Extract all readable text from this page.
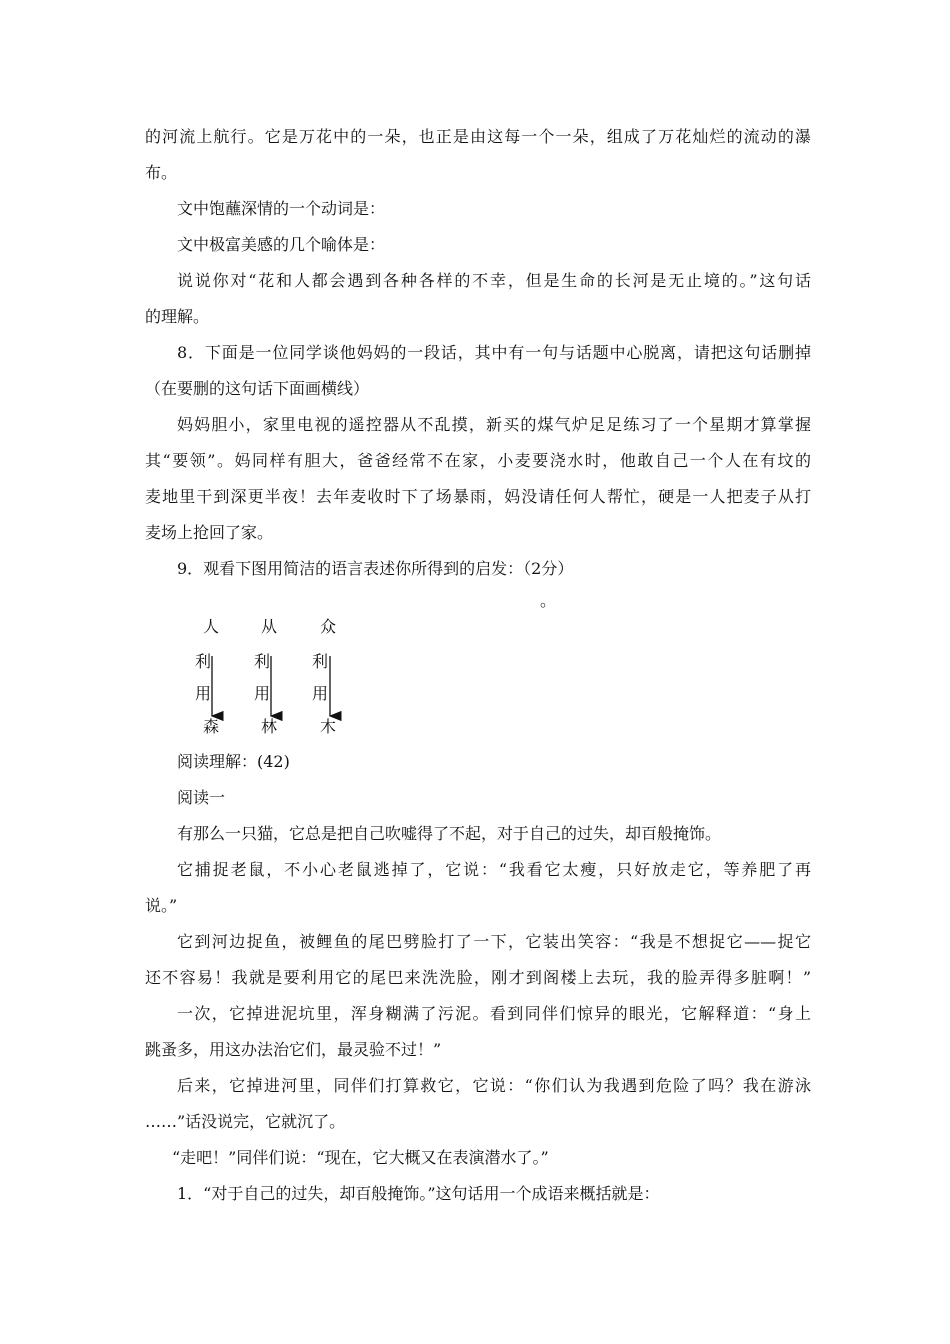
的河流上航行。它是万花中的一朵，也正是由这每一个一朵，组成了万花灿烂的流动的瀑
布。
文中饱蘸深情的一个动词是：
文中极富美感的几个喻体是：
说说你对“花和人都会遇到各种各样的不幸，但是生命的长河是无止境的。”这句话
的理解。
8．下面是一位同学谈他妈妈的一段话，其中有一句与话题中心脱离，请把这句话删掉
（在要删的这句话下面画横线）
妈妈胆小，家里电视的遥控器从不乱摸，新买的煤气炉足足练习了一个星期才算掌握
其“要领”。妈同样有胆大，爸爸经常不在家，小麦要浇水时，他敢自己一个人在有坟的
麦地里干到深更半夜！去年麦收时下了场暴雨，妈没请任何人帮忙，硬是一人把麦子从打
麦场上抢回了家。
9．观看下图用简洁的语言表述你所得到的启发：（2分）
。
人	从	众
利	利	利
用	用	用
森	林	木
阅读理解：(42)
阅读一
有那么一只猫，它总是把自己吹嘘得了不起，对于自己的过失，却百般掩饰。
它捕捉老鼠，不小心老鼠逃掉了，它说：“我看它太瘦，只好放走它，等养肥了再
说。”
它到河边捉鱼，被鲤鱼的尾巴劈脸打了一下，它装出笑容：“我是不想捉它——捉它
还不容易！我就是要利用它的尾巴来洗洗脸，刚才到阁楼上去玩，我的脸弄得多脏啊！”
一次，它掉进泥坑里，浑身糊满了污泥。看到同伴们惊异的眼光，它解释道：“身上
跳蚤多，用这办法治它们，最灵验不过！”
后来，它掉进河里，同伴们打算救它，它说：“你们认为我遇到危险了吗？我在游泳
……”话没说完，它就沉了。
“走吧！”同伴们说：“现在，它大概又在表演潜水了。”
1．“对于自己的过失，却百般掩饰。”这句话用一个成语来概括就是：
